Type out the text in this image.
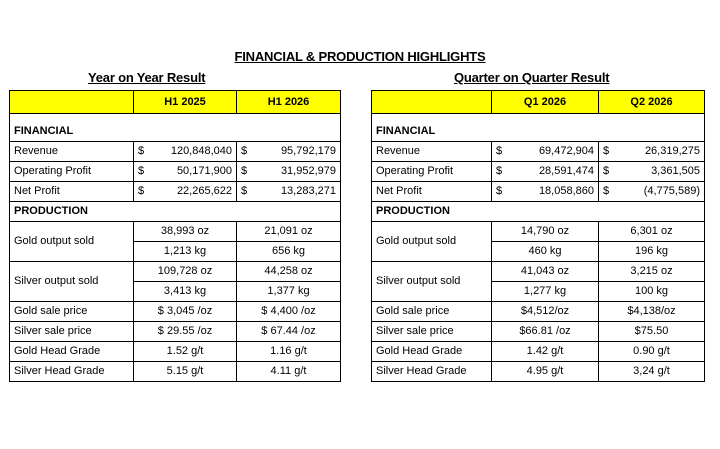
FINANCIAL & PRODUCTION HIGHLIGHTS
Year on Year Result	Quarter on Quarter Result
	H1 2025	H1 2026

FINANCIAL		
Revenue	$ 120,848,040	$ 95,792,179

Operating Profit	$ 50,171,900	$ 31,952,979

Net Profit	$ 22,265,622	$ 13,283,271

PRODUCTION		
Gold output sold	38,993 oz	21,091 oz
	1,213 kg	656 kg
Silver output sold	109,728 oz	44,258 oz
	3,413 kg	1,377 kg
Gold sale price	$ 3,045 /oz	$ 4,400 /oz
Silver sale price	$ 29.55 /oz	$ 67.44 /oz
Gold Head Grade	1.52 g/t	1.16 g/t
Silver Head Grade	5.15 g/t	4.11 g/t
	Q1 2026	Q2 2026

FINANCIAL		
Revenue	$ 69,472,904	$ 26,319,275

Operating Profit	$ 28,591,474	$ 3,361,505

Net Profit	$ 18,058,860	$ (4,775,589)

PRODUCTION		
Gold output sold	14,790 oz	6,301 oz
	460 kg	196 kg
Silver output sold	41,043 oz	3,215 oz
	1,277 kg	100 kg
Gold sale price	$4,512/oz	$4,138/oz
Silver sale price	$66.81 /oz	$75.50
Gold Head Grade	1.42 g/t	0.90 g/t
Silver Head Grade	4.95 g/t	3,24 g/t
